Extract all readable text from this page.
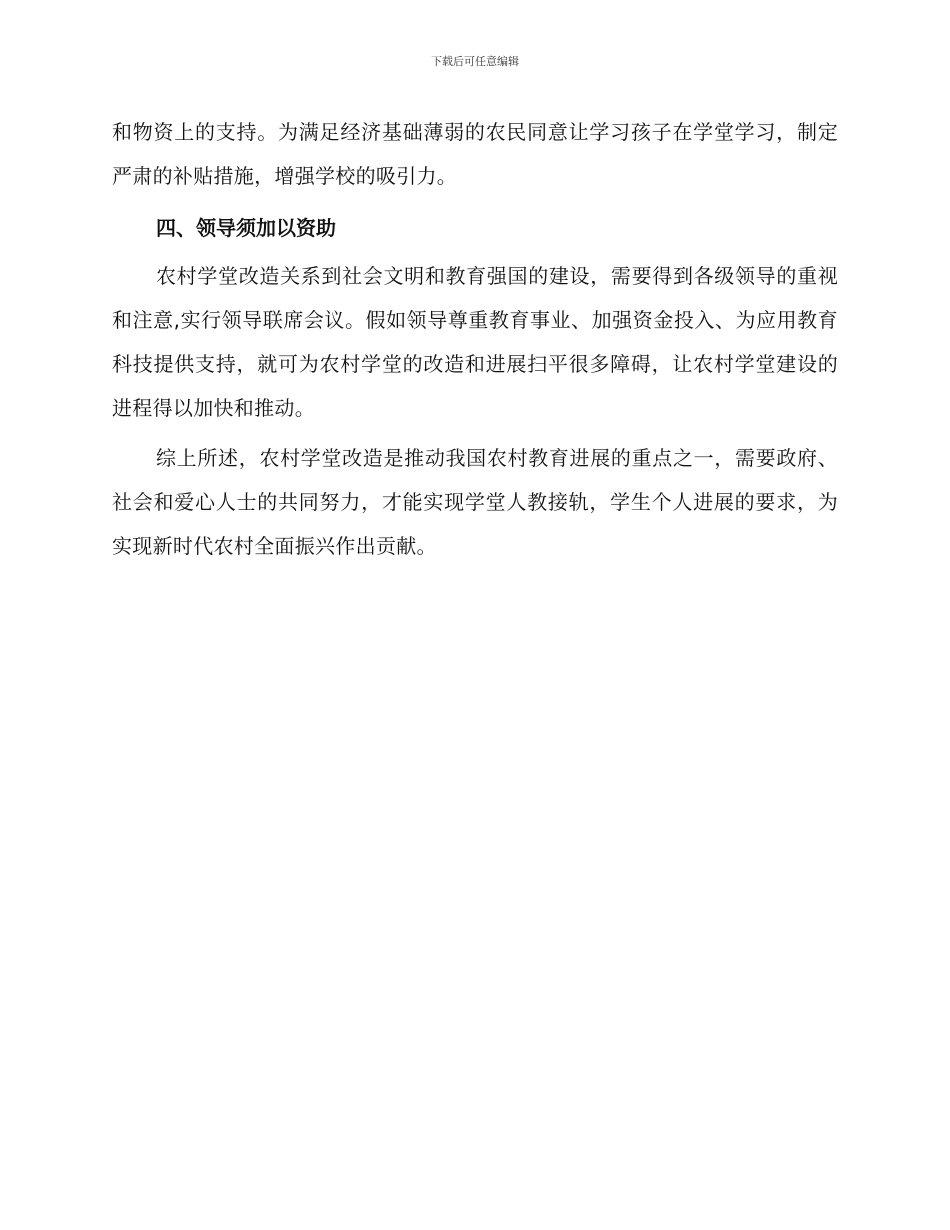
下载后可任意编辑

和物资上的支持。为满足经济基础薄弱的农民同意让学习孩子在学堂学习，制定严肃的补贴措施，增强学校的吸引力。

四、领导须加以资助

农村学堂改造关系到社会文明和教育强国的建设，需要得到各级领导的重视和注意,实行领导联席会议。假如领导尊重教育事业、加强资金投入、为应用教育科技提供支持，就可为农村学堂的改造和进展扫平很多障碍，让农村学堂建设的进程得以加快和推动。

综上所述，农村学堂改造是推动我国农村教育进展的重点之一，需要政府、社会和爱心人士的共同努力，才能实现学堂人教接轨，学生个人进展的要求，为实现新时代农村全面振兴作出贡献。
